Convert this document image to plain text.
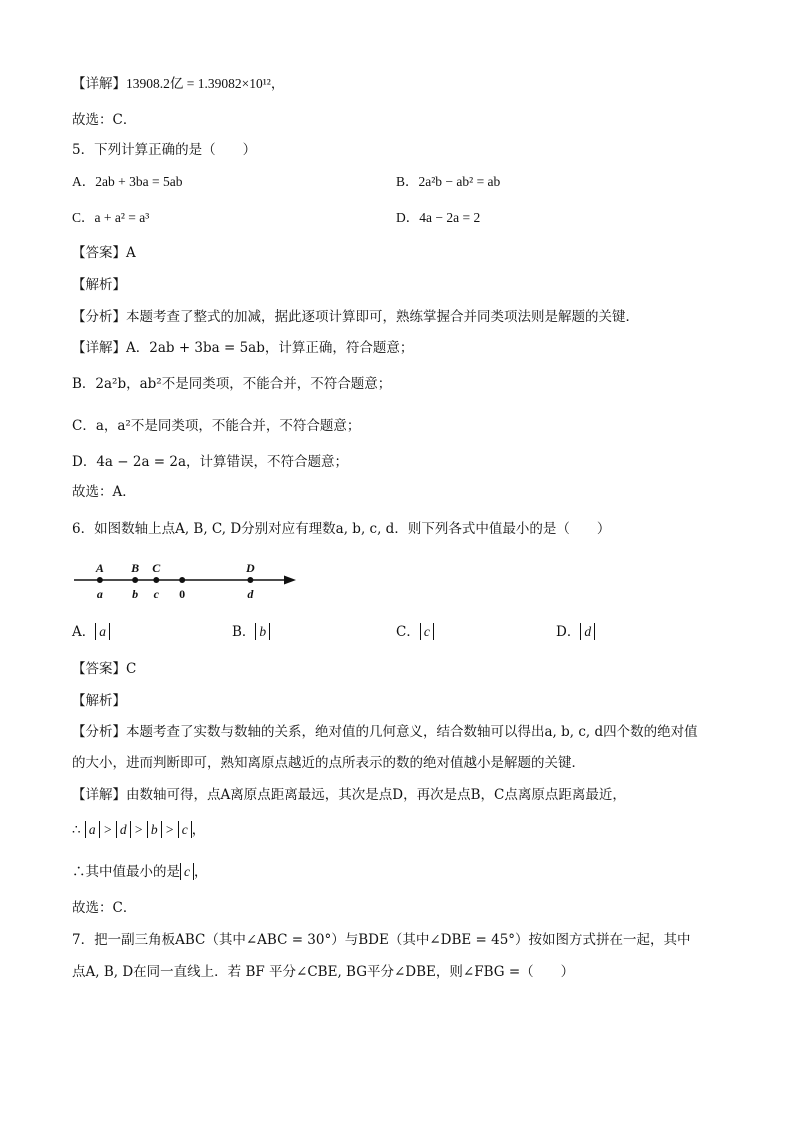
【详解】13908.2亿 = 1.39082×10¹²，
故选：C．
5．下列计算正确的是（　　）
A．2ab + 3ba = 5ab	B．2a²b − ab² = ab
C．a + a² = a³	D．4a − 2a = 2
【答案】A
【解析】
【分析】本题考查了整式的加减，据此逐项计算即可，熟练掌握合并同类项法则是解题的关键．
【详解】A．2ab + 3ba = 5ab，计算正确，符合题意；
B．2a²b，ab²不是同类项，不能合并，不符合题意；
C．a，a²不是同类项，不能合并，不符合题意；
D．4a − 2a = 2a，计算错误，不符合题意；
故选：A．
6．如图数轴上点A, B, C, D分别对应有理数a, b, c, d．则下列各式中值最小的是（　　）
A
a
B
b
C
c
D
d
0
A． a	B． b	C． c	D． d
【答案】C
【解析】
【分析】本题考查了实数与数轴的关系，绝对值的几何意义，结合数轴可以得出a, b, c, d四个数的绝对值
的大小，进而判断即可，熟知离原点越近的点所表示的数的绝对值越小是解题的关键．
【详解】由数轴可得，点A离原点距离最远，其次是点D，再次是点B，C点离原点距离最近，
∴ a > d > b > c ，
∴其中值最小的是 c ，
故选：C．
7．把一副三角板ABC（其中∠ABC = 30°）与BDE（其中∠DBE = 45°）按如图方式拼在一起，其中
点A, B, D在同一直线上．若 BF 平分∠CBE, BG平分∠DBE，则∠FBG =（　　）
